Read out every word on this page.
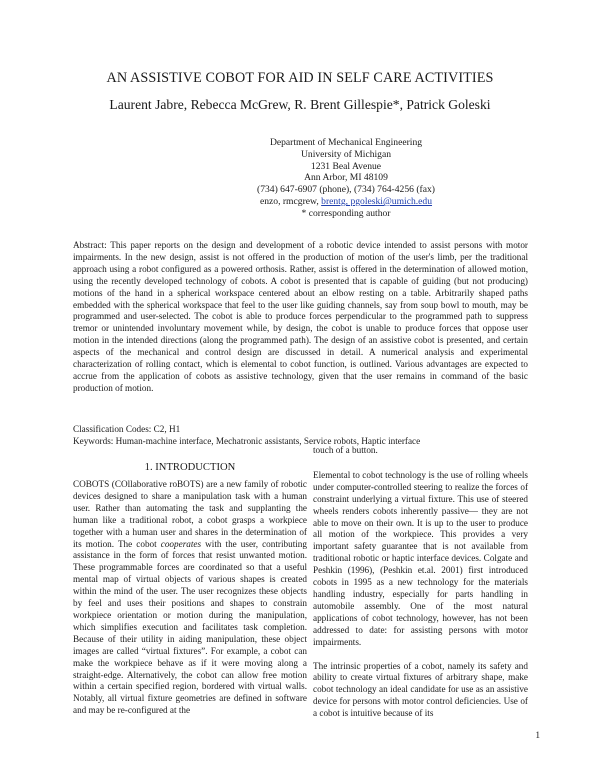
AN ASSISTIVE COBOT FOR AID IN SELF CARE ACTIVITIES
Laurent Jabre, Rebecca McGrew, R. Brent Gillespie*, Patrick Goleski
Department of Mechanical Engineering
University of Michigan
1231 Beal Avenue
Ann Arbor, MI 48109
(734) 647-6907 (phone), (734) 764-4256 (fax)
enzo, rmcgrew, brentg, pgoleski@umich.edu
* corresponding author
Abstract: This paper reports on the design and development of a robotic device intended to assist persons with motor impairments. In the new design, assist is not offered in the production of motion of the user's limb, per the traditional approach using a robot configured as a powered orthosis. Rather, assist is offered in the determination of allowed motion, using the recently developed technology of cobots. A cobot is presented that is capable of guiding (but not producing) motions of the hand in a spherical workspace centered about an elbow resting on a table. Arbitrarily shaped paths embedded with the spherical workspace that feel to the user like guiding channels, say from soup bowl to mouth, may be programmed and user-selected. The cobot is able to produce forces perpendicular to the programmed path to suppress tremor or unintended involuntary movement while, by design, the cobot is unable to produce forces that oppose user motion in the intended directions (along the programmed path). The design of an assistive cobot is presented, and certain aspects of the mechanical and control design are discussed in detail. A numerical analysis and experimental characterization of rolling contact, which is elemental to cobot function, is outlined. Various advantages are expected to accrue from the application of cobots as assistive technology, given that the user remains in command of the basic production of motion.
Classification Codes: C2, H1
Keywords: Human-machine interface, Mechatronic assistants, Service robots, Haptic interface
1. INTRODUCTION

COBOTS (COllaborative roBOTS) are a new family of robotic devices designed to share a manipulation task with a human user. Rather than automating the task and supplanting the human like a traditional robot, a cobot grasps a workpiece together with a human user and shares in the determination of its motion. The cobot cooperates with the user, contributing assistance in the form of forces that resist unwanted motion. These programmable forces are coordinated so that a useful mental map of virtual objects of various shapes is created within the mind of the user. The user recognizes these objects by feel and uses their positions and shapes to constrain workpiece orientation or motion during the manipulation, which simplifies execution and facilitates task completion. Because of their utility in aiding manipulation, these object images are called “virtual fixtures”. For example, a cobot can make the workpiece behave as if it were moving along a straight-edge. Alternatively, the cobot can allow free motion within a certain specified region, bordered with virtual walls. Notably, all virtual fixture geometries are defined in software and may be re-configured at the

touch of a button.

Elemental to cobot technology is the use of rolling wheels under computer-controlled steering to realize the forces of constraint underlying a virtual fixture. This use of steered wheels renders cobots inherently passive— they are not able to move on their own. It is up to the user to produce all motion of the workpiece. This provides a very important safety guarantee that is not available from traditional robotic or haptic interface devices. Colgate and Peshkin (1996), (Peshkin et.al. 2001) first introduced cobots in 1995 as a new technology for the materials handling industry, especially for parts handling in automobile assembly. One of the most natural applications of cobot technology, however, has not been addressed to date: for assisting persons with motor impairments.

The intrinsic properties of a cobot, namely its safety and ability to create virtual fixtures of arbitrary shape, make cobot technology an ideal candidate for use as an assistive device for persons with motor control deficiencies. Use of a cobot is intuitive because of its

1
